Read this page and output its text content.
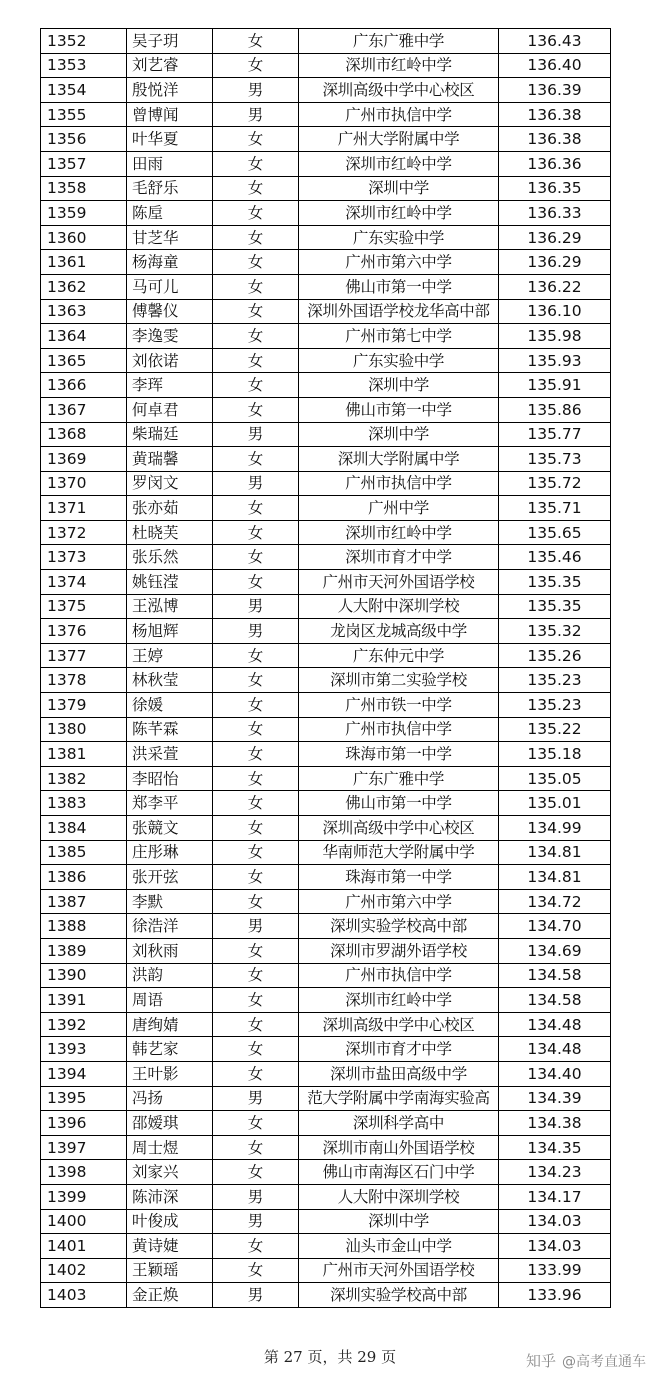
1352	吴子玥	女	广东广雅中学	136.43
1353	刘艺睿	女	深圳市红岭中学	136.40
1354	殷悦洋	男	深圳高级中学中心校区	136.39
1355	曾博闻	男	广州市执信中学	136.38
1356	叶华夏	女	广州大学附属中学	136.38
1357	田雨	女	深圳市红岭中学	136.36
1358	毛舒乐	女	深圳中学	136.35
1359	陈垕	女	深圳市红岭中学	136.33
1360	甘芝华	女	广东实验中学	136.29
1361	杨海童	女	广州市第六中学	136.29
1362	马可儿	女	佛山市第一中学	136.22
1363	傅馨仪	女	深圳外国语学校龙华高中部	136.10
1364	李逸雯	女	广州市第七中学	135.98
1365	刘依诺	女	广东实验中学	135.93
1366	李珲	女	深圳中学	135.91
1367	何卓君	女	佛山市第一中学	135.86
1368	柴瑞廷	男	深圳中学	135.77
1369	黄瑞馨	女	深圳大学附属中学	135.73
1370	罗闵文	男	广州市执信中学	135.72
1371	张亦茹	女	广州中学	135.71
1372	杜晓芙	女	深圳市红岭中学	135.65
1373	张乐然	女	深圳市育才中学	135.46
1374	姚钰滢	女	广州市天河外国语学校	135.35
1375	王泓博	男	人大附中深圳学校	135.35
1376	杨旭辉	男	龙岗区龙城高级中学	135.32
1377	王婷	女	广东仲元中学	135.26
1378	林秋莹	女	深圳市第二实验学校	135.23
1379	徐媛	女	广州市铁一中学	135.23
1380	陈芊霖	女	广州市执信中学	135.22
1381	洪采萱	女	珠海市第一中学	135.18
1382	李昭怡	女	广东广雅中学	135.05
1383	郑李平	女	佛山市第一中学	135.01
1384	张競文	女	深圳高级中学中心校区	134.99
1385	庄彤琳	女	华南师范大学附属中学	134.81
1386	张开弦	女	珠海市第一中学	134.81
1387	李默	女	广州市第六中学	134.72
1388	徐浩洋	男	深圳实验学校高中部	134.70
1389	刘秋雨	女	深圳市罗湖外语学校	134.69
1390	洪韵	女	广州市执信中学	134.58
1391	周语	女	深圳市红岭中学	134.58
1392	唐绚婧	女	深圳高级中学中心校区	134.48
1393	韩艺家	女	深圳市育才中学	134.48
1394	王叶影	女	深圳市盐田高级中学	134.40
1395	冯扬	男	范大学附属中学南海实验高	134.39
1396	邵嫒琪	女	深圳科学高中	134.38
1397	周士煜	女	深圳市南山外国语学校	134.35
1398	刘家兴	女	佛山市南海区石门中学	134.23
1399	陈沛深	男	人大附中深圳学校	134.17
1400	叶俊成	男	深圳中学	134.03
1401	黄诗婕	女	汕头市金山中学	134.03
1402	王颖瑶	女	广州市天河外国语学校	133.99
1403	金正焕	男	深圳实验学校高中部	133.96
第 27 页，共 29 页	知乎 @高考直通车
